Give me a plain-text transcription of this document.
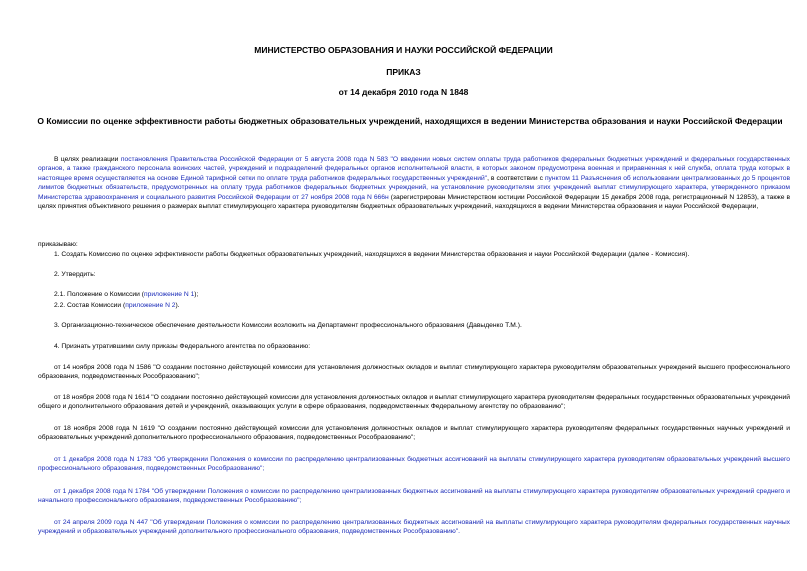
МИНИСТЕРСТВО ОБРАЗОВАНИЯ И НАУКИ РОССИЙСКОЙ ФЕДЕРАЦИИ
ПРИКАЗ
от 14 декабря 2010 года N 1848
О Комиссии по оценке эффективности работы бюджетных образовательных учреждений, находящихся в ведении Министерства образования и науки Российской Федерации
В целях реализации постановления Правительства Российской Федерации от 5 августа 2008 года N 583 "О введении новых систем оплаты труда работников федеральных бюджетных учреждений и федеральных государственных органов, а также гражданского персонала воинских частей, учреждений и подразделений федеральных органов исполнительной власти, в которых законом предусмотрена военная и приравненная к ней служба, оплата труда которых в настоящее время осуществляется на основе Единой тарифной сетки по оплате труда работников федеральных государственных учреждений", в соответствии с пунктом 11 Разъяснения об использовании централизованных до 5 процентов лимитов бюджетных обязательств, предусмотренных на оплату труда работников федеральных бюджетных учреждений, на установление руководителям этих учреждений выплат стимулирующего характера, утвержденного приказом Министерства здравоохранения и социального развития Российской Федерации от 27 ноября 2008 года N 666н (зарегистрирован Министерством юстиции Российской Федерации 15 декабря 2008 года, регистрационный N 12853), а также в целях принятия объективного решения о размерах выплат стимулирующего характера руководителям бюджетных образовательных учреждений, находящихся в ведении Министерства образования и науки Российской Федерации,
приказываю:
1. Создать Комиссию по оценке эффективности работы бюджетных образовательных учреждений, находящихся в ведении Министерства образования и науки Российской Федерации (далее - Комиссия).
2. Утвердить:
2.1. Положение о Комиссии (приложение N 1);
2.2. Состав Комиссии (приложение N 2).
3. Организационно-техническое обеспечение деятельности Комиссии возложить на Департамент профессионального образования (Давыденко Т.М.).
4. Признать утратившими силу приказы Федерального агентства по образованию:
от 14 ноября 2008 года N 1586 "О создании постоянно действующей комиссии для установления должностных окладов и выплат стимулирующего характера руководителям образовательных учреждений высшего профессионального образования, подведомственных Рособразованию";
от 18 ноября 2008 года N 1614 "О создании постоянно действующей комиссии для установления должностных окладов и выплат стимулирующего характера руководителям федеральных государственных образовательных учреждений общего и дополнительного образования детей и учреждений, оказывающих услуги в сфере образования, подведомственных Федеральному агентству по образованию";
от 18 ноября 2008 года N 1619 "О создании постоянно действующей комиссии для установления должностных окладов и выплат стимулирующего характера руководителям федеральных государственных научных учреждений и образовательных учреждений дополнительного профессионального образования, подведомственных Рособразованию";
от 1 декабря 2008 года N 1783 "Об утверждении Положения о комиссии по распределению централизованных бюджетных ассигнований на выплаты стимулирующего характера руководителям образовательных учреждений высшего профессионального образования, подведомственных Рособразованию";
от 1 декабря 2008 года N 1784 "Об утверждении Положения о комиссии по распределению централизованных бюджетных ассигнований на выплаты стимулирующего характера руководителям образовательных учреждений среднего и начального профессионального образования, подведомственных Рособразованию";
от 24 апреля 2009 года N 447 "Об утверждении Положения о комиссии по распределению централизованных бюджетных ассигнований на выплаты стимулирующего характера руководителям федеральных государственных научных учреждений и образовательных учреждений дополнительного профессионального образования, подведомственных Рособразованию".
